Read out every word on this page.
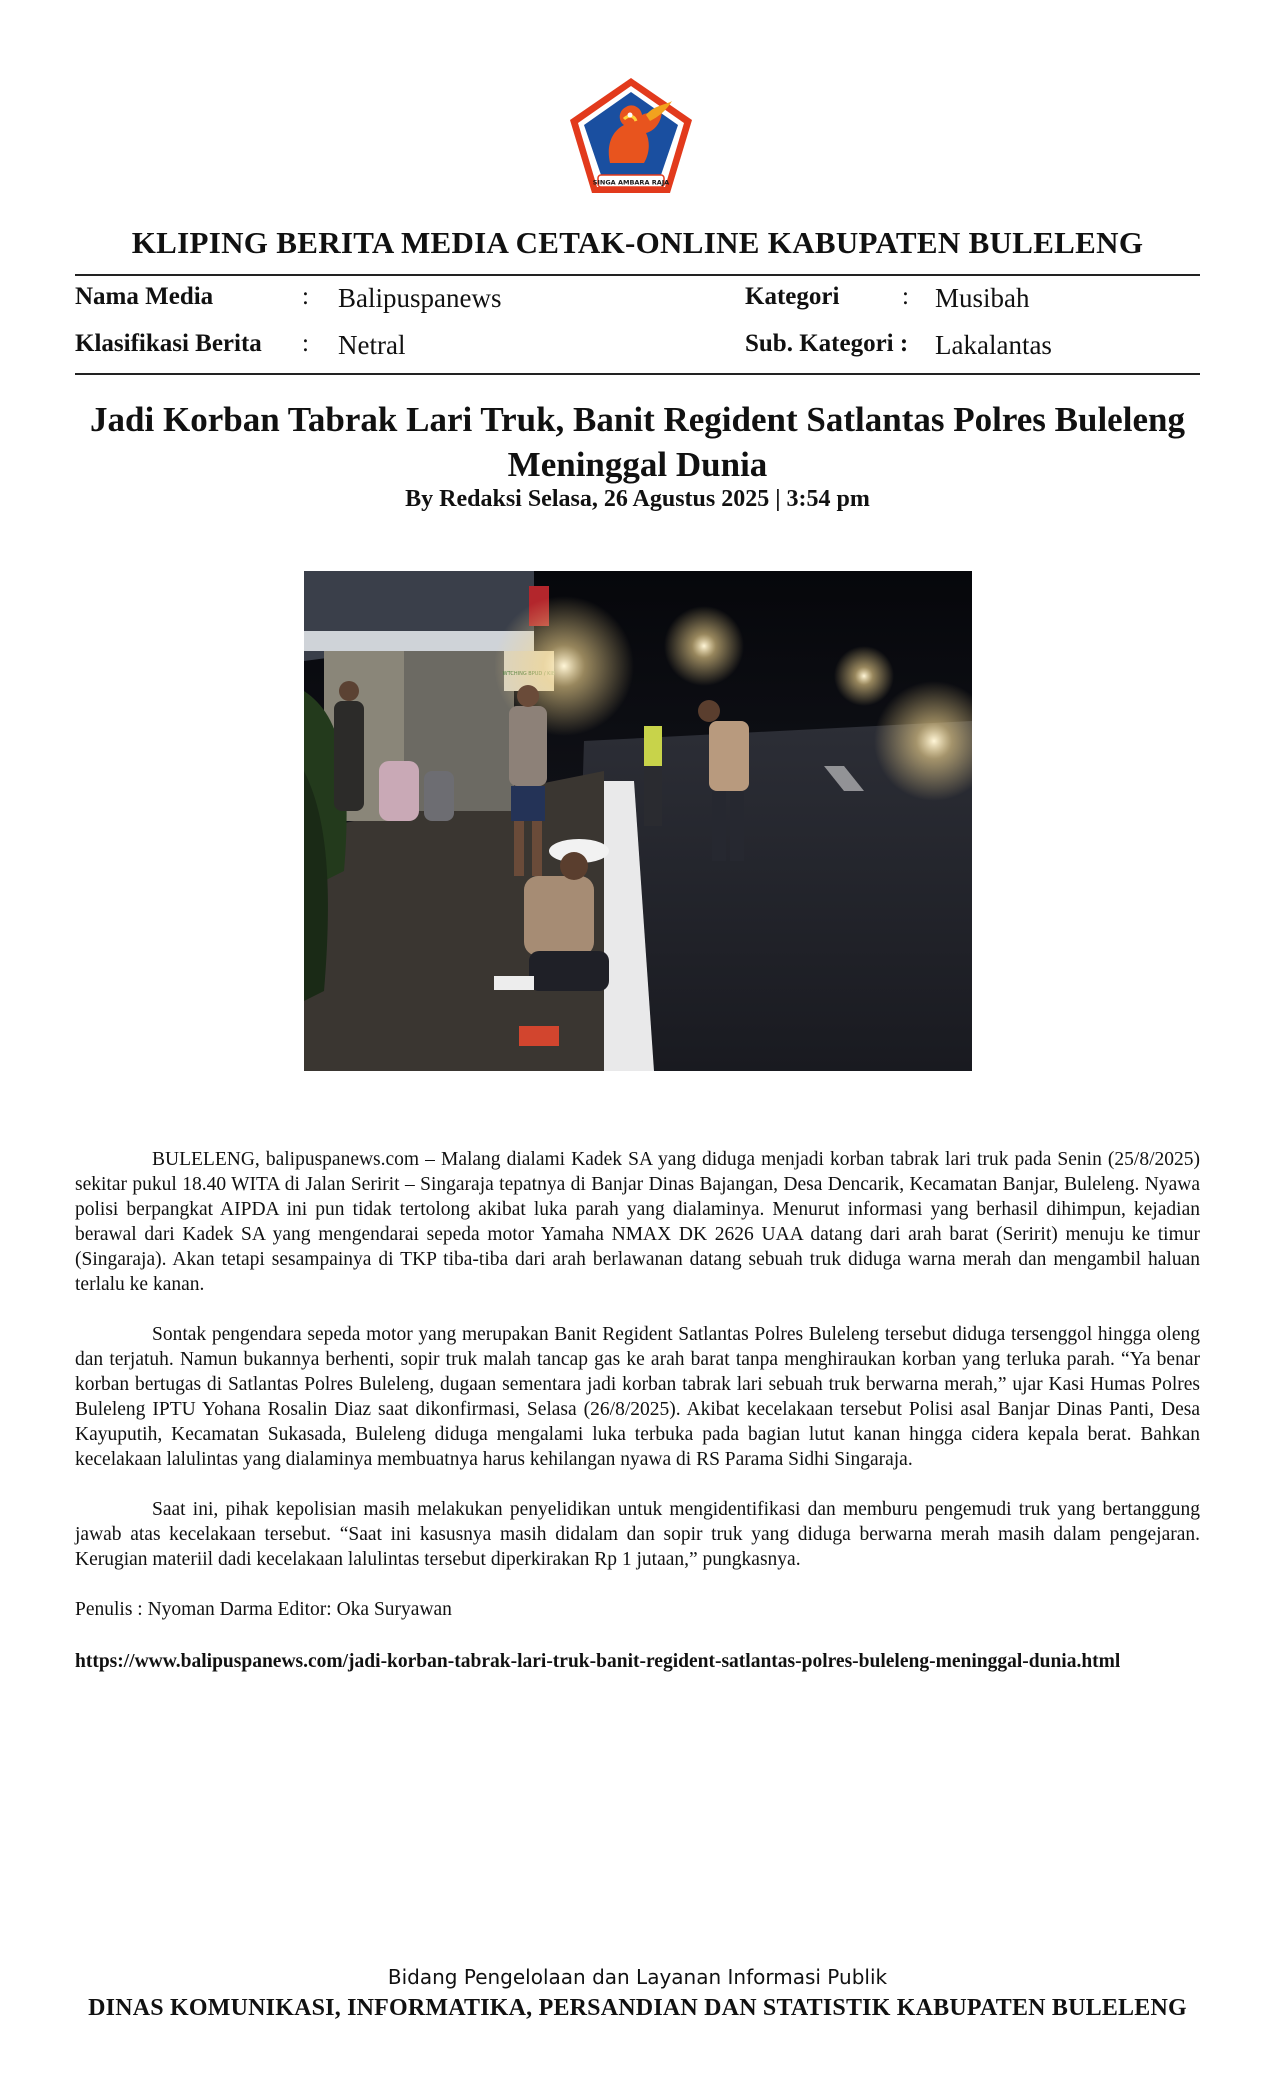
SINGA AMBARA RAJA
KLIPING BERITA MEDIA CETAK-ONLINE KABUPATEN BULELENG
Nama Media	: Balipuspanews	Kategori	: Musibah
Klasifikasi Berita : Netral	Sub. Kategori : Lakalantas
Jadi Korban Tabrak Lari Truk, Banit Regident Satlantas Polres Buleleng Meninggal Dunia
By Redaksi Selasa, 26 Agustus 2025 | 3:54 pm

BULELENG, balipuspanews.com – Malang dialami Kadek SA yang diduga menjadi korban tabrak lari truk pada Senin (25/8/2025) sekitar pukul 18.40 WITA di Jalan Seririt – Singaraja tepatnya di Banjar Dinas Bajangan, Desa Dencarik, Kecamatan Banjar, Buleleng. Nyawa polisi berpangkat AIPDA ini pun tidak tertolong akibat luka parah yang dialaminya. Menurut informasi yang berhasil dihimpun, kejadian berawal dari Kadek SA yang mengendarai sepeda motor Yamaha NMAX DK 2626 UAA datang dari arah barat (Seririt) menuju ke timur (Singaraja). Akan tetapi sesampainya di TKP tiba-tiba dari arah berlawanan datang sebuah truk diduga warna merah dan mengambil haluan terlalu ke kanan.

Sontak pengendara sepeda motor yang merupakan Banit Regident Satlantas Polres Buleleng tersebut diduga tersenggol hingga oleng dan terjatuh. Namun bukannya berhenti, sopir truk malah tancap gas ke arah barat tanpa menghiraukan korban yang terluka parah. “Ya benar korban bertugas di Satlantas Polres Buleleng, dugaan sementara jadi korban tabrak lari sebuah truk berwarna merah,” ujar Kasi Humas Polres Buleleng IPTU Yohana Rosalin Diaz saat dikonfirmasi, Selasa (26/8/2025). Akibat kecelakaan tersebut Polisi asal Banjar Dinas Panti, Desa Kayuputih, Kecamatan Sukasada, Buleleng diduga mengalami luka terbuka pada bagian lutut kanan hingga cidera kepala berat. Bahkan kecelakaan lalulintas yang dialaminya membuatnya harus kehilangan nyawa di RS Parama Sidhi Singaraja.

Saat ini, pihak kepolisian masih melakukan penyelidikan untuk mengidentifikasi dan memburu pengemudi truk yang bertanggung jawab atas kecelakaan tersebut. “Saat ini kasusnya masih didalam dan sopir truk yang diduga berwarna merah masih dalam pengejaran. Kerugian materiil dadi kecelakaan lalulintas tersebut diperkirakan Rp 1 jutaan,” pungkasnya.

Penulis : Nyoman Darma Editor: Oka Suryawan
https://www.balipuspanews.com/jadi-korban-tabrak-lari-truk-banit-regident-satlantas-polres-buleleng-meninggal-dunia.html
Bidang Pengelolaan dan Layanan Informasi Publik
DINAS KOMUNIKASI, INFORMATIKA, PERSANDIAN DAN STATISTIK KABUPATEN BULELENG
